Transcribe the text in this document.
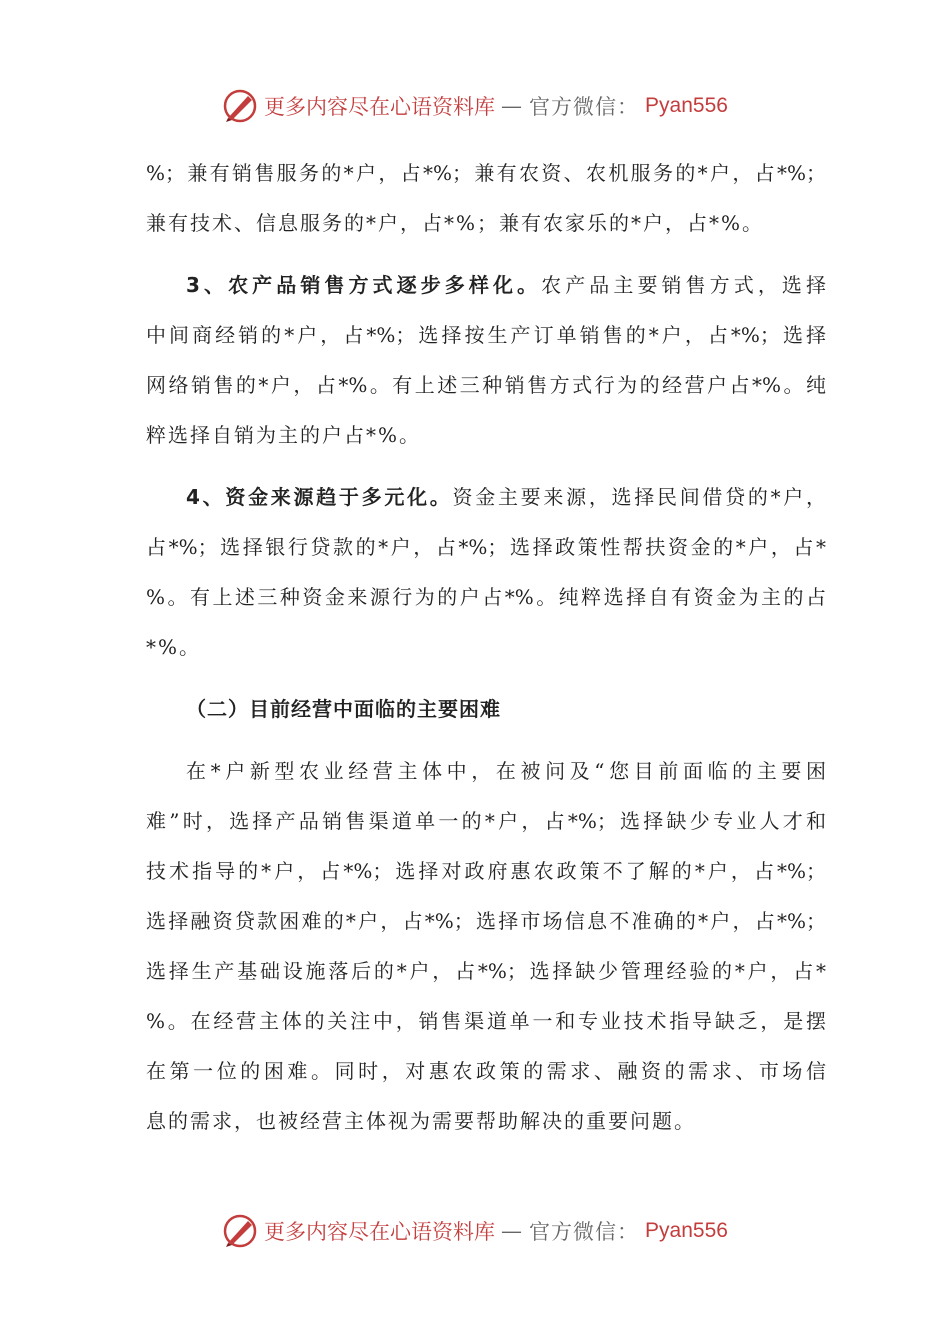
更多内容尽在心语资料库 — 官方微信： Pyan556
%；兼有销售服务的*户，占*%；兼有农资、农机服务的*户，占*%；
兼有技术、信息服务的*户，占*%；兼有农家乐的*户，占*%。
3、农产品销售方式逐步多样化。农产品主要销售方式，选择
中间商经销的*户，占*%；选择按生产订单销售的*户，占*%；选择
网络销售的*户，占*%。有上述三种销售方式行为的经营户占*%。纯
粹选择自销为主的户占*%。
4、资金来源趋于多元化。资金主要来源，选择民间借贷的*户，
占*%；选择银行贷款的*户，占*%；选择政策性帮扶资金的*户，占*
%。有上述三种资金来源行为的户占*%。纯粹选择自有资金为主的占
*%。
（二）目前经营中面临的主要困难
在*户新型农业经营主体中，在被问及“您目前面临的主要困
难”时，选择产品销售渠道单一的*户，占*%；选择缺少专业人才和
技术指导的*户，占*%；选择对政府惠农政策不了解的*户，占*%；
选择融资贷款困难的*户，占*%；选择市场信息不准确的*户，占*%；
选择生产基础设施落后的*户，占*%；选择缺少管理经验的*户，占*
%。在经营主体的关注中，销售渠道单一和专业技术指导缺乏，是摆
在第一位的困难。同时，对惠农政策的需求、融资的需求、市场信
息的需求，也被经营主体视为需要帮助解决的重要问题。
更多内容尽在心语资料库 — 官方微信： Pyan556
